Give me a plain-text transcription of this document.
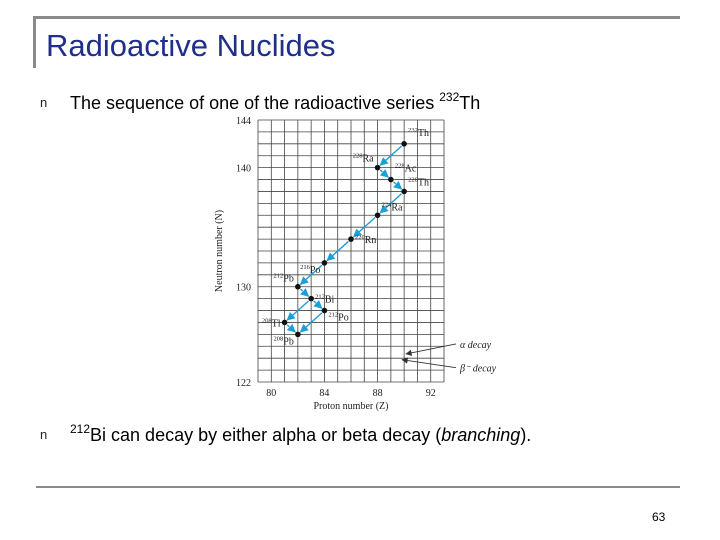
Radioactive Nuclides
n The sequence of one of the radioactive series $^{232}$Th
80	84	88	92
122
130
140
144
Proton number (Z)
Neutron number (N)
$^{232}$Th
$^{228}$Ra
$^{228}$Ac
$^{228}$Th
$^{224}$Ra
$^{220}$Rn
$^{216}$Po
$^{212}$Pb
$^{212}$Bi
$^{212}$Po
$^{208}$Tl
$^{208}$Pb	α decay
β⁻ decay
n $^{212}$Bi can decay by either alpha or beta decay (branching).
63
